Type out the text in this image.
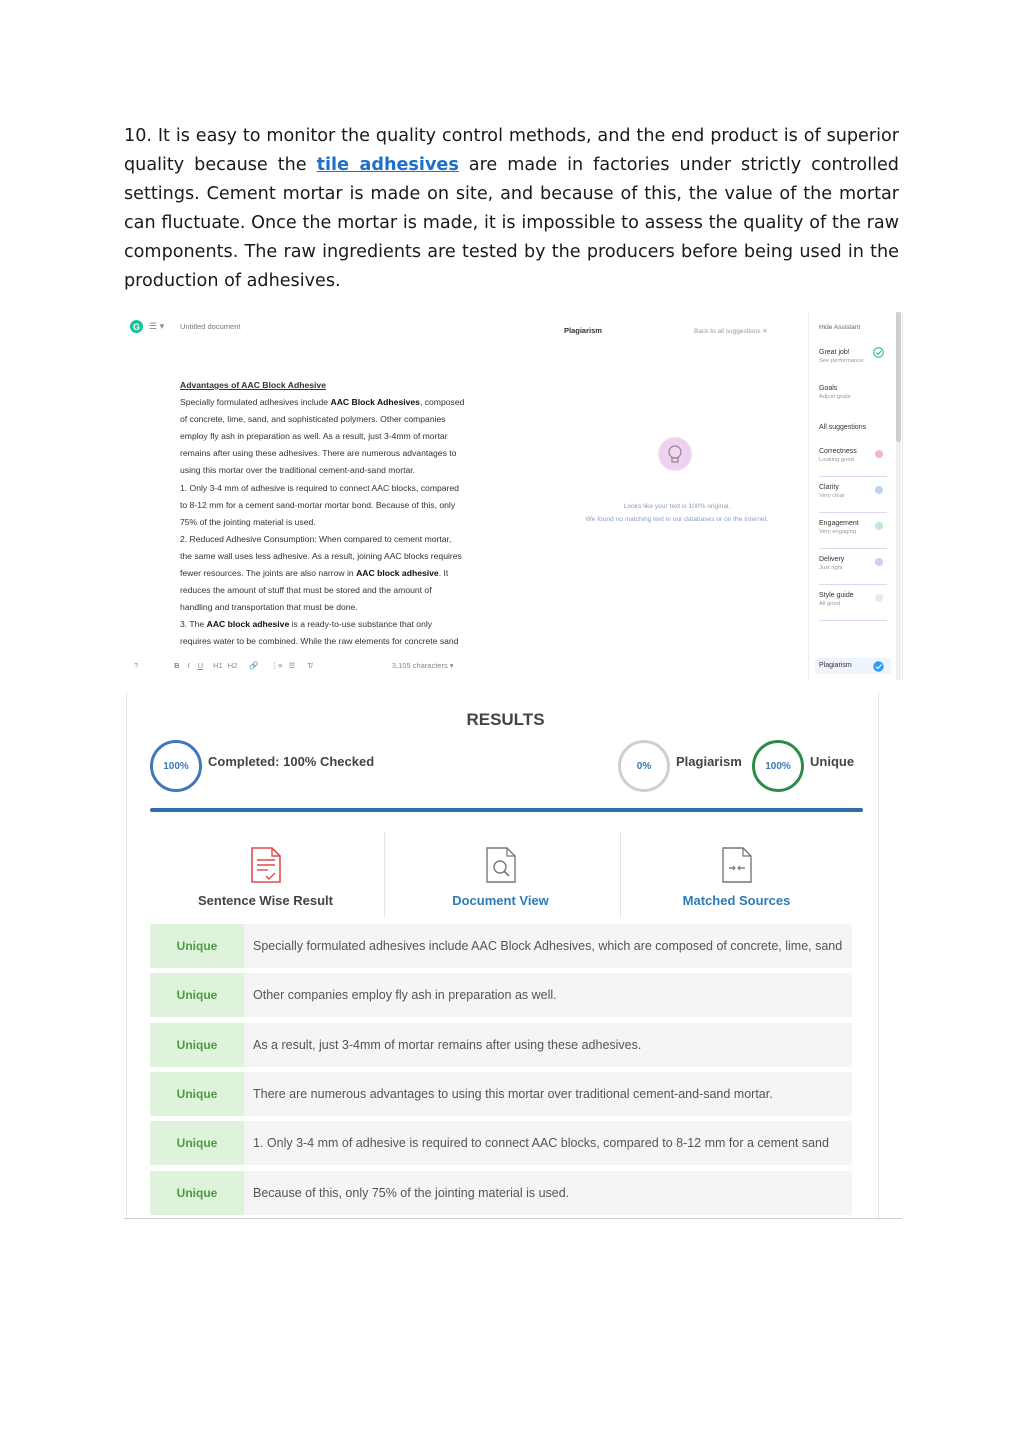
10. It is easy to monitor the quality control methods, and the end product is of superior quality because the tile adhesives are made in factories under strictly controlled settings. Cement mortar is made on site, and because of this, the value of the mortar can fluctuate. Once the mortar is made, it is impossible to assess the quality of the raw components. The raw ingredients are tested by the producers before being used in the production of adhesives.
G	☰ ▾ Untitled document
Advantages of AAC Block Adhesive
Specially formulated adhesives include AAC Block Adhesives, composed
of concrete, lime, sand, and sophisticated polymers. Other companies
employ fly ash in preparation as well. As a result, just 3-4mm of mortar
remains after using these adhesives. There are numerous advantages to
using this mortar over the traditional cement-and-sand mortar.
1. Only 3-4 mm of adhesive is required to connect AAC blocks, compared
to 8-12 mm for a cement sand-mortar mortar bond. Because of this, only
75% of the jointing material is used.
2. Reduced Adhesive Consumption: When compared to cement mortar,
the same wall uses less adhesive. As a result, joining AAC blocks requires
fewer resources. The joints are also narrow in AAC block adhesive. It
reduces the amount of stuff that must be stored and the amount of
handling and transportation that must be done.
3. The AAC block adhesive is a ready-to-use substance that only
requires water to be combined. While the raw elements for concrete sand
?	B I U H1 H2 🔗 ⋮≡ ☰ T̸	3,105 characters ▾
Plagiarism	Back to all suggestions ✕
Looks like your text is 100% original.
We found no matching text in our databases or on the Internet.
Hide Assistant
Great job!
See performance
Goals
Adjust goals
All suggestions
Correctness
Looking good
Clarity
Very clear
Engagement
Very engaging
Delivery
Just right
Style guide
All good
Plagiarism
RESULTS
100%	Completed: 100% Checked	0%	Plagiarism	100%	Unique
Sentence Wise Result	Document View	Matched Sources
Unique	Specially formulated adhesives include AAC Block Adhesives, which are composed of concrete, lime, sand
Unique	Other companies employ fly ash in preparation as well.
Unique	As a result, just 3-4mm of mortar remains after using these adhesives.
Unique	There are numerous advantages to using this mortar over traditional cement-and-sand mortar.
Unique	1. Only 3-4 mm of adhesive is required to connect AAC blocks, compared to 8-12 mm for a cement sand
Unique	Because of this, only 75% of the jointing material is used.
